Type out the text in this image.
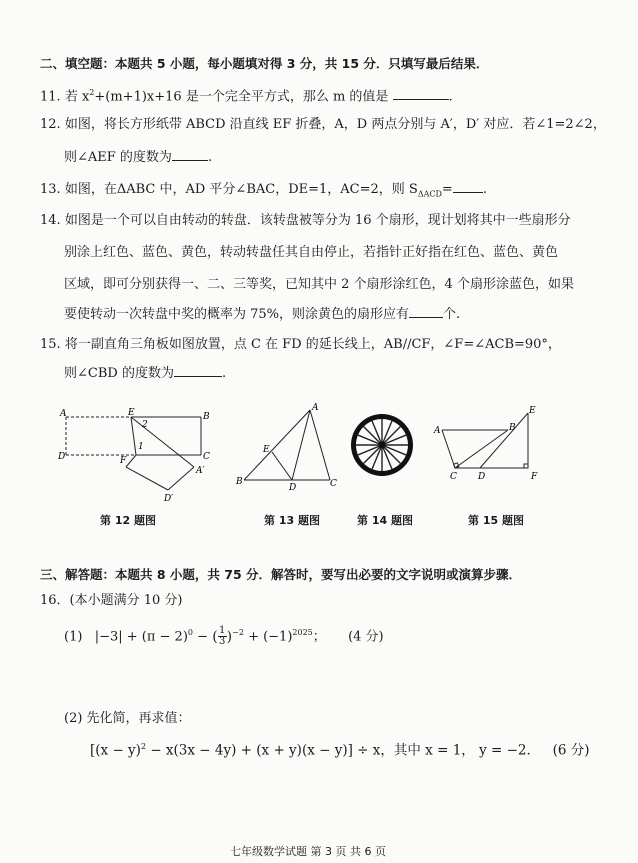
二、填空题：本题共 5 小题，每小题填对得 3 分，共 15 分．只填写最后结果．
11. 若 $x^2+(m+1)x+16$ 是一个完全平方式，那么 m 的值是	.
12. 如图，将长方形纸带 ABCD 沿直线 EF 折叠，A，D 两点分别与 A′，D′ 对应．若∠1=2∠2，
则∠AEF 的度数为	.
13. 如图，在ΔABC 中，AD 平分∠BAC，DE=1，AC=2，则 $S_{\Delta ACD}=$ .
14. 如图是一个可以自由转动的转盘．该转盘被等分为 16 个扇形，现计划将其中一些扇形分
别涂上红色、蓝色、黄色，转动转盘任其自由停止，若指针正好指在红色、蓝色、黄色
区域，即可分别获得一、二、三等奖，已知其中 2 个扇形涂红色，4 个扇形涂蓝色，如果
要使转动一次转盘中奖的概率为 75%，则涂黄色的扇形应有	个.
15. 将一副直角三角板如图放置，点 C 在 FD 的延长线上，AB//CF，∠F=∠ACB=90°，
则∠CBD 的度数为	.
A	E	B
D	F	C
A′
D′
1
2
第 12 题图
A
E
B
D	C
第 13 题图	第 14 题图
A	B
E
C D	F
第 15 题图
三、解答题：本题共 8 小题，共 75 分．解答时，要写出必要的文字说明或演算步骤．
16．(本小题满分 10 分)
(1) $|-3| + (\pi - 2)^0$ − ( $\frac{1}{3} )^{-2} + (-1)^{2025}$； (4 分)
(2) 先化简，再求值：
$[(x - y)^2 - x(3x - 4y) + (x + y)(x - y)] \div x$，其中 x = 1， y = −2． (6 分)
七年级数学试题 第 3 页 共 6 页
